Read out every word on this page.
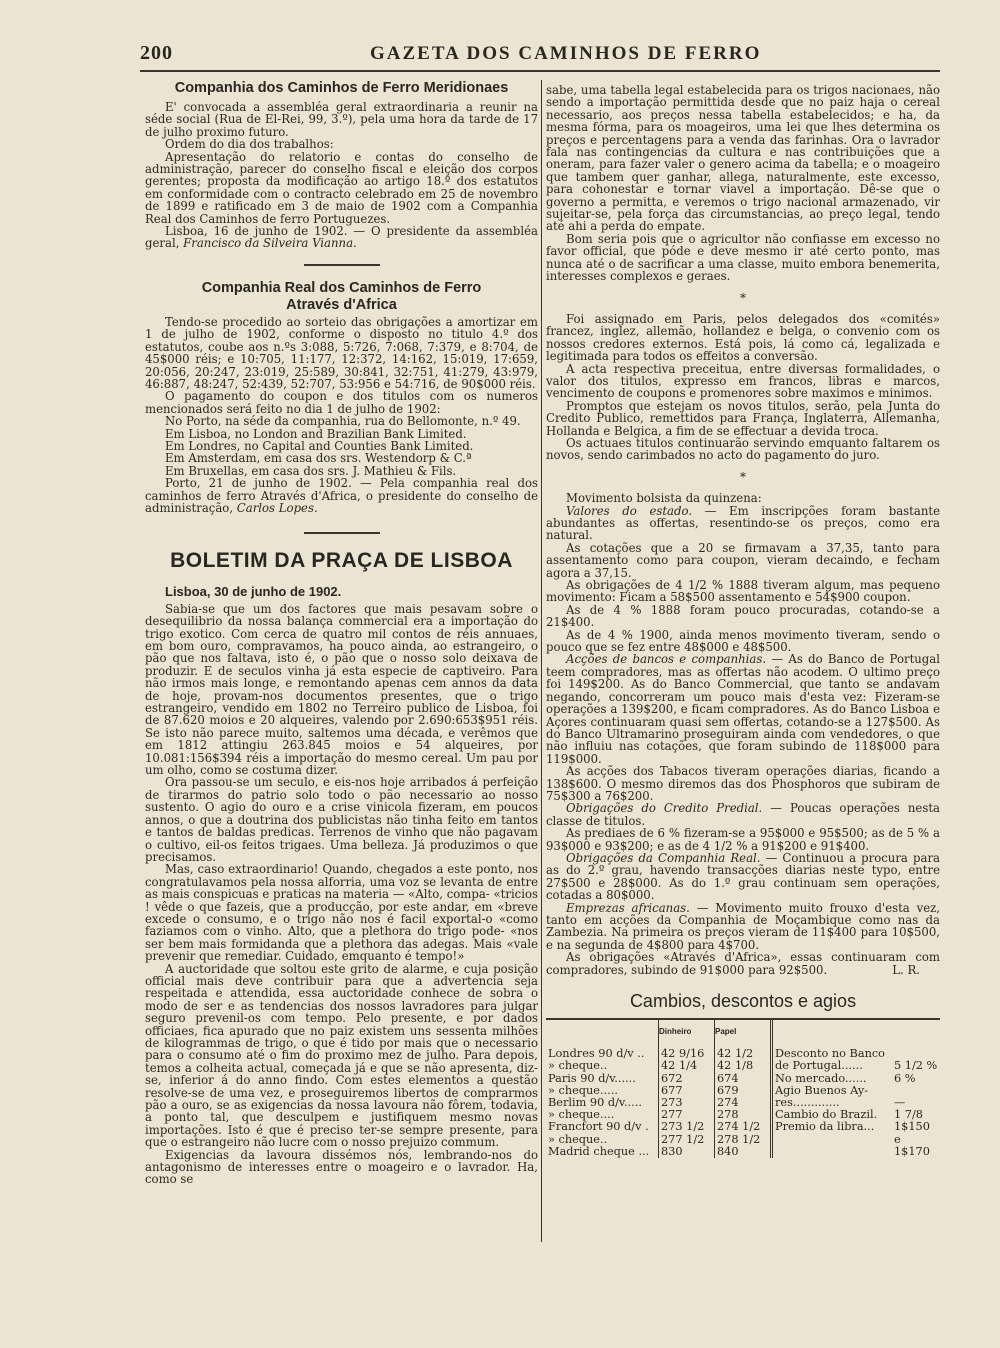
200	GAZETA DOS CAMINHOS DE FERRO
Companhia dos Caminhos de Ferro Meridionaes

E' convocada a assembléa geral extraordinaria a reunir na séde social (Rua de El-Rei, 99, 3.º), pela uma hora da tarde de 17 de julho proximo futuro.

Ordem do dia dos trabalhos:

Apresentação do relatorio e contas do conselho de administração, parecer do conselho fiscal e eleição dos corpos gerentes; proposta da modificação ao artigo 18.º dos estatutos em conformidade com o contracto celebrado em 25 de novembro de 1899 e ratificado em 3 de maio de 1902 com a Companhia Real dos Caminhos de ferro Portuguezes.

Lisboa, 16 de junho de 1902. — O presidente da assembléa geral, Francisco da Silveira Vianna.

Companhia Real dos Caminhos de Ferro
Através d'Africa

Tendo-se procedido ao sorteio das obrigações a amortizar em 1 de julho de 1902, conforme o disposto no titulo 4.º dos estatutos, coube aos n.ºs 3:088, 5:726, 7:068, 7:379, e 8:704, de 45$000 réis; e 10:705, 11:177, 12:372, 14:162, 15:019, 17:659, 20:056, 20:247, 23:019, 25:589, 30:841, 32:751, 41:279, 43:979, 46:887, 48:247, 52:439, 52:707, 53:956 e 54:716, de 90$000 réis.

O pagamento do coupon e dos titulos com os numeros mencionados será feito no dia 1 de julho de 1902:

No Porto, na séde da companhia, rua do Bellomonte, n.º 49.

Em Lisboa, no London and Brazilian Bank Limited.

Em Londres, no Capital and Counties Bank Limited.

Em Amsterdam, em casa dos srs. Westendorp & C.ª

Em Bruxellas, em casa dos srs. J. Mathieu & Fils.

Porto, 21 de junho de 1902. — Pela companhia real dos caminhos de ferro Através d'Africa, o presidente do conselho de administração, Carlos Lopes.

BOLETIM DA PRAÇA DE LISBOA
Lisboa, 30 de junho de 1902.

Sabia-se que um dos factores que mais pesavam sobre o desequilibrio da nossa balança commercial era a importação do trigo exotico. Com cerca de quatro mil contos de réis annuaes, em bom ouro, compravamos, ha pouco ainda, ao estrangeiro, o pão que nos faltava, isto é, o pão que o nosso solo deixava de produzir. E de seculos vinha já esta especie de captiveiro. Para não irmos mais longe, e remontando apenas cem annos da data de hoje, provam-nos documentos presentes, que o trigo estrangeiro, vendido em 1802 no Terreiro publico de Lisboa, foi de 87.620 moios e 20 alqueires, valendo por 2.690:653$951 réis. Se isto não parece muito, saltemos uma década, e verêmos que em 1812 attingiu 263.845 moios e 54 alqueires, por 10.081:156$394 réis a importação do mesmo cereal. Um pau por um olho, como se costuma dizer.

Ora passou-se um seculo, e eis-nos hoje arribados á perfeição de tirarmos do patrio solo todo o pão necessario ao nosso sustento. O agio do ouro e a crise vinicola fizeram, em poucos annos, o que a doutrina dos publicistas não tinha feito em tantos e tantos de baldas predicas. Terrenos de vinho que não pagavam o cultivo, eil-os feitos trigaes. Uma belleza. Já produzimos o que precisamos.

Mas, caso extraordinario! Quando, chegados a este ponto, nos congratulavamos pela nossa alforria, uma voz se levanta de entre as mais conspicuas e praticas na materia — «Alto, compa- «tricios ! vêde o que fazeis, que a producção, por este andar, em «breve excede o consumo, e o trigo não nos é facil exportal-o «como faziamos com o vinho. Alto, que a plethora do trigo pode- «nos ser bem mais formidanda que a plethora das adegas. Mais «vale prevenir que remediar. Cuidado, emquanto é tempo!»

A auctoridade que soltou este grito de alarme, e cuja posição official mais deve contribuir para que a advertencia seja respeitada e attendida, essa auctoridade conhece de sobra o modo de ser e as tendencias dos nossos lavradores para julgar seguro prevenil-os com tempo. Pelo presente, e por dados officiaes, fica apurado que no paiz existem uns sessenta milhões de kilogrammas de trigo, o que é tido por mais que o necessario para o consumo até o fim do proximo mez de julho. Para depois, temos a colheita actual, começada já e que se não apresenta, diz-se, inferior á do anno findo. Com estes elementos a questão resolve-se de uma vez, e proseguiremos libertos de comprarmos pão a ouro, se as exigencias da nossa lavoura não fôrem, todavia, a ponto tal, que desculpem e justifiquem mesmo novas importações. Isto é que é preciso ter-se sempre presente, para que o estrangeiro não lucre com o nosso prejuizo commum.

Exigencias da lavoura dissémos nós, lembrando-nos do antagonismo de interesses entre o moageiro e o lavrador. Ha, como se

sabe, uma tabella legal estabelecida para os trigos nacionaes, não sendo a importação permittida desde que no paiz haja o cereal necessario, aos preços nessa tabella estabelecidos; e ha, da mesma fórma, para os moageiros, uma lei que lhes determina os preços e percentagens para a venda das farinhas. Ora o lavrador fala nas contingencias da cultura e nas contribuições que a oneram, para fazer valer o genero acima da tabella; e o moageiro que tambem quer ganhar, allega, naturalmente, este excesso, para cohonestar e tornar viavel a importação. Dê-se que o governo a permitta, e veremos o trigo nacional armazenado, vir sujeitar-se, pela força das circumstancias, ao preço legal, tendo até ahi a perda do empate.

Bom seria pois que o agricultor não confiasse em excesso no favor official, que póde e deve mesmo ir até certo ponto, mas nunca até o de sacrificar a uma classe, muito embora benemerita, interesses complexos e geraes.

*

Foi assignado em Paris, pelos delegados dos «comités» francez, inglez, allemão, hollandez e belga, o convenio com os nossos credores externos. Está pois, lá como cá, legalizada e legitimada para todos os effeitos a conversão.

A acta respectiva preceitua, entre diversas formalidades, o valor dos titulos, expresso em francos, libras e marcos, vencimento de coupons e promenores sobre maximos e minimos.

Promptos que estejam os novos titulos, serão, pela Junta do Credito Publico, remettidos para França, Inglaterra, Allemanha, Hollanda e Belgica, a fim de se effectuar a devida troca.

Os actuaes titulos continuarão servindo emquanto faltarem os novos, sendo carimbados no acto do pagamento do juro.

*

Movimento bolsista da quinzena:

Valores do estado. — Em inscripções foram bastante abundantes as offertas, resentindo-se os preços, como era natural.

As cotações que a 20 se firmavam a 37,35, tanto para assentamento como para coupon, vieram decaindo, e fecham agora a 37,15.

As obrigações de 4 1/2 % 1888 tiveram algum, mas pequeno movimento: Ficam a 58$500 assentamento e 54$900 coupon.

As de 4 % 1888 foram pouco procuradas, cotando-se a 21$400.

As de 4 % 1900, ainda menos movimento tiveram, sendo o pouco que se fez entre 48$000 e 48$500.

Acções de bancos e companhias. — As do Banco de Portugal teem compradores, mas as offertas não acodem. O ultimo preço foi 149$200. As do Banco Commercial, que tanto se andavam negando, concorreram um pouco mais d'esta vez: Fizeram-se operações a 139$200, e ficam compradores. As do Banco Lisboa e Açores continuaram quasi sem offertas, cotando-se a 127$500. As do Banco Ultramarino proseguiram ainda com vendedores, o que não influiu nas cotações, que foram subindo de 118$000 para 119$000.

As acções dos Tabacos tiveram operações diarias, ficando a 138$600. O mesmo diremos das dos Phosphoros que subiram de 75$300 a 76$200.

Obrigações do Credito Predial. — Poucas operações nesta classe de titulos.

As prediaes de 6 % fizeram-se a 95$000 e 95$500; as de 5 % a 93$000 e 93$200; e as de 4 1/2 % a 91$200 e 91$400.

Obrigações da Companhia Real. — Continuou a procura para as do 2.º grau, havendo transacções diarias neste typo, entre 27$500 e 28$000. As do 1.º grau continuam sem operações, cotadas a 80$000.

Emprezas africanas. — Movimento muito frouxo d'esta vez, tanto em acções da Companhia de Moçambique como nas da Zambezia. Na primeira os preços vieram de 11$400 para 10$500, e na segunda de 4$800 para 4$700.

As obrigações «Através d'Africa», essas continuaram com compradores, subindo de 91$000 para 92$500.	L. R.

Cambios, descontos e agios
	Dinheiro	Papel		
Londres 90 d/v ..	42 9/16	42 1/2	Desconto no Banco	
» cheque..	42 1/4	42 1/8	de Portugal......	5 1/2 %
Paris 90 d/v......	672	674	No mercado......	6 %
» cheque.....	677	679	Agio Buenos Ay-	
Berlim 90 d/v.....	273	274	res.............	—
» cheque....	277	278	Cambio do Brazil.	1 7/8
Francfort 90 d/v .	273 1/2	274 1/2	Premio da libra...	1$150
» cheque..	277 1/2	278 1/2		e
Madrid cheque ...	830	840		1$170
